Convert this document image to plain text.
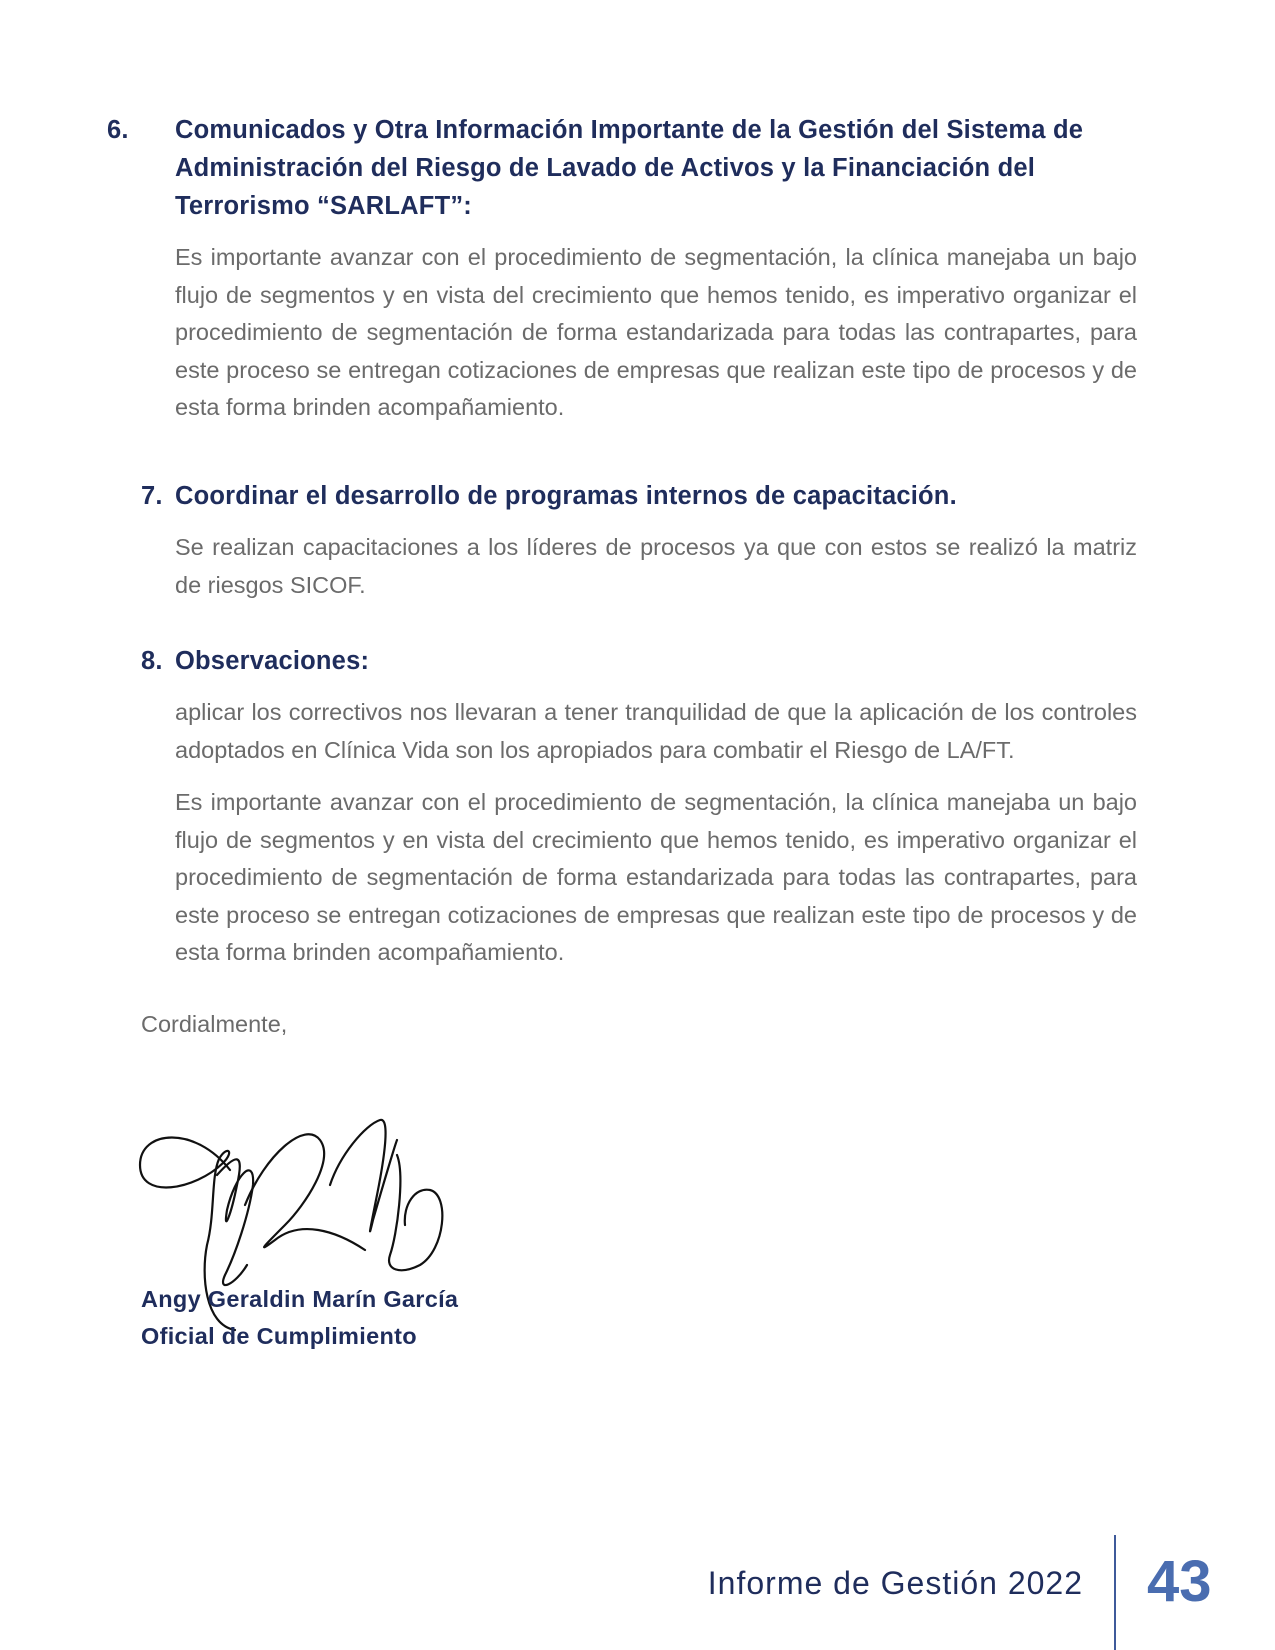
6. Comunicados y Otra Información Importante de la Gestión del Sistema de Administración del Riesgo de Lavado de Activos y la Financiación del Terrorismo “SARLAFT”:

Es importante avanzar con el procedimiento de segmentación, la clínica manejaba un bajo flujo de segmentos y en vista del crecimiento que hemos tenido, es imperativo organizar el procedimiento de segmentación de forma estandarizada para todas las contrapartes, para este proceso se entregan cotizaciones de empresas que realizan este tipo de procesos y de esta forma brinden acompañamiento.

7. Coordinar el desarrollo de programas internos de capacitación.

Se realizan capacitaciones a los líderes de procesos ya que con estos se realizó la matriz de riesgos SICOF.

8. Observaciones:

aplicar los correctivos nos llevaran a tener tranquilidad de que la aplicación de los controles adoptados en Clínica Vida son los apropiados para combatir el Riesgo de LA/FT.

Es importante avanzar con el procedimiento de segmentación, la clínica manejaba un bajo flujo de segmentos y en vista del crecimiento que hemos tenido, es imperativo organizar el procedimiento de segmentación de forma estandarizada para todas las contrapartes, para este proceso se entregan cotizaciones de empresas que realizan este tipo de procesos y de esta forma brinden acompañamiento.

Cordialmente,

Angy Geraldin Marín García

Oficial de Cumplimiento

Informe de Gestión 2022 43
